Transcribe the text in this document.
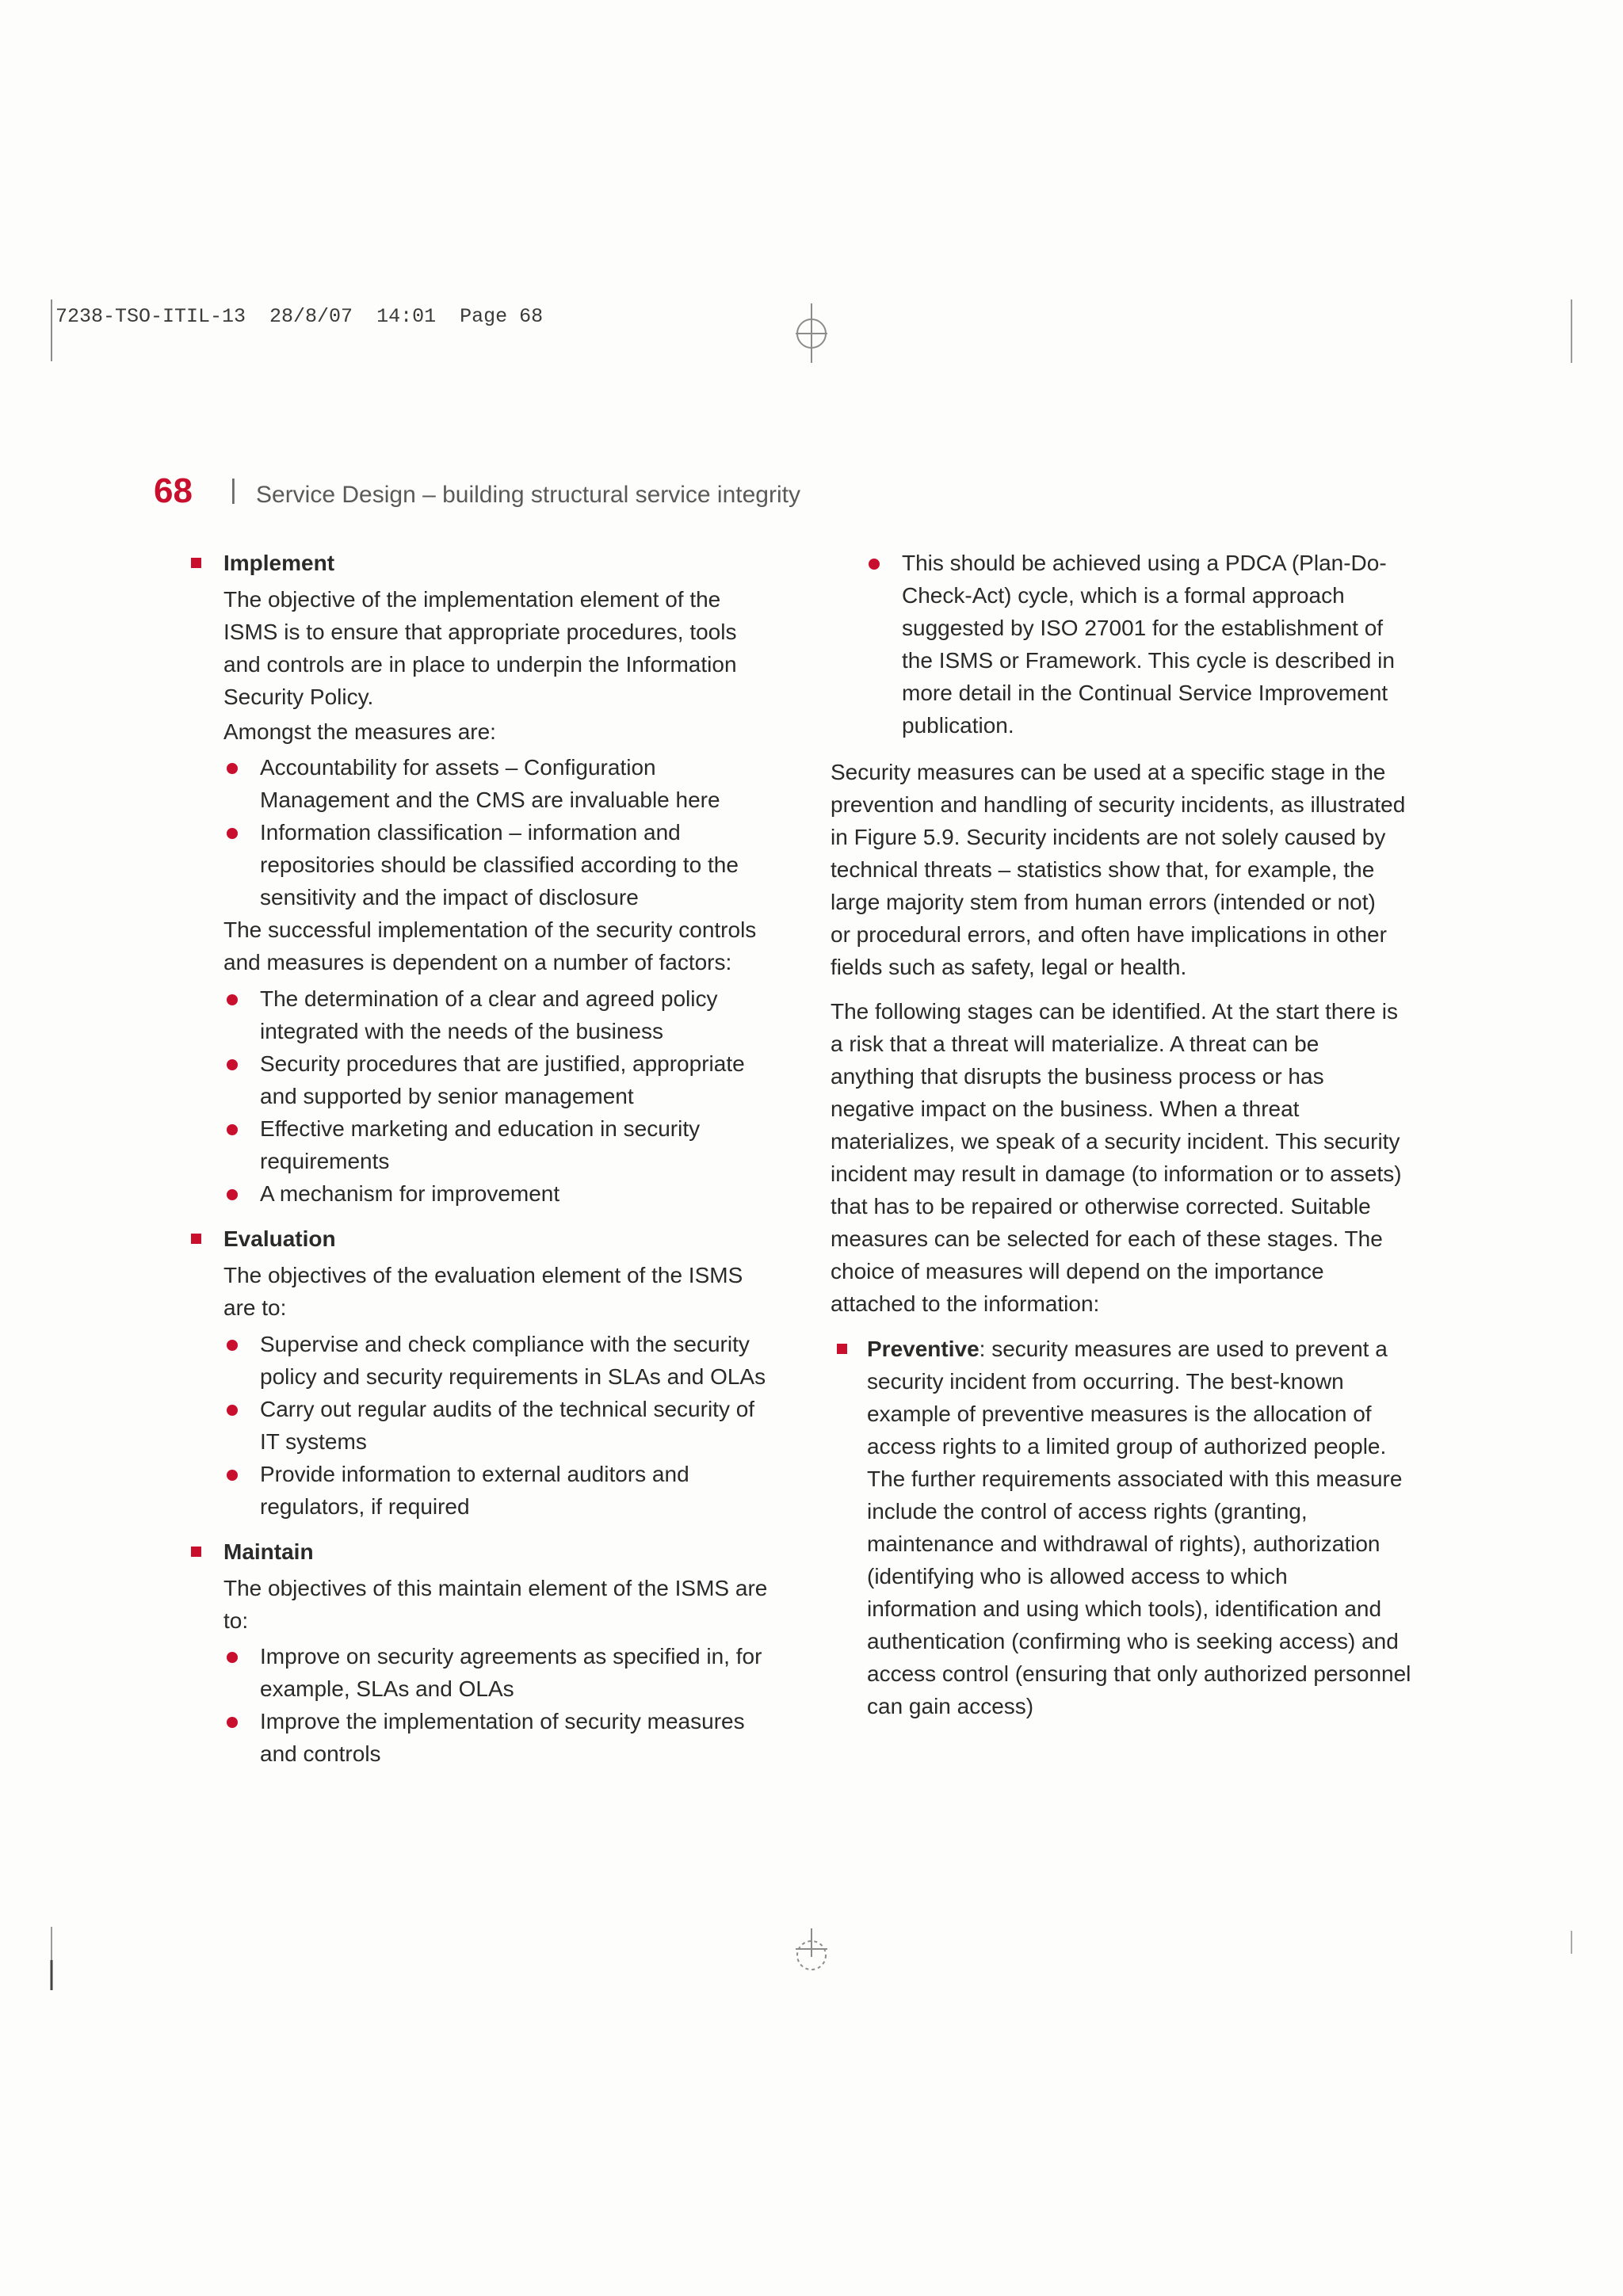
7238-TSO-ITIL-13  28/8/07  14:01  Page 68
68 | Service Design – building structural service integrity
Implement
The objective of the implementation element of the
ISMS is to ensure that appropriate procedures, tools
and controls are in place to underpin the Information
Security Policy.
Amongst the measures are:
Accountability for assets – Configuration
Management and the CMS are invaluable here
Information classification – information and
repositories should be classified according to the
sensitivity and the impact of disclosure
The successful implementation of the security controls
and measures is dependent on a number of factors:
The determination of a clear and agreed policy
integrated with the needs of the business
Security procedures that are justified, appropriate
and supported by senior management
Effective marketing and education in security
requirements
A mechanism for improvement
Evaluation
The objectives of the evaluation element of the ISMS
are to:
Supervise and check compliance with the security
policy and security requirements in SLAs and OLAs
Carry out regular audits of the technical security of
IT systems
Provide information to external auditors and
regulators, if required
Maintain
The objectives of this maintain element of the ISMS are
to:
Improve on security agreements as specified in, for
example, SLAs and OLAs
Improve the implementation of security measures
and controls
This should be achieved using a PDCA (Plan-Do-
Check-Act) cycle, which is a formal approach
suggested by ISO 27001 for the establishment of
the ISMS or Framework. This cycle is described in
more detail in the Continual Service Improvement
publication.
Security measures can be used at a specific stage in the
prevention and handling of security incidents, as illustrated
in Figure 5.9. Security incidents are not solely caused by
technical threats – statistics show that, for example, the
large majority stem from human errors (intended or not)
or procedural errors, and often have implications in other
fields such as safety, legal or health.
The following stages can be identified. At the start there is
a risk that a threat will materialize. A threat can be
anything that disrupts the business process or has
negative impact on the business. When a threat
materializes, we speak of a security incident. This security
incident may result in damage (to information or to assets)
that has to be repaired or otherwise corrected. Suitable
measures can be selected for each of these stages. The
choice of measures will depend on the importance
attached to the information:
Preventive: security measures are used to prevent a
security incident from occurring. The best-known
example of preventive measures is the allocation of
access rights to a limited group of authorized people.
The further requirements associated with this measure
include the control of access rights (granting,
maintenance and withdrawal of rights), authorization
(identifying who is allowed access to which
information and using which tools), identification and
authentication (confirming who is seeking access) and
access control (ensuring that only authorized personnel
can gain access)
